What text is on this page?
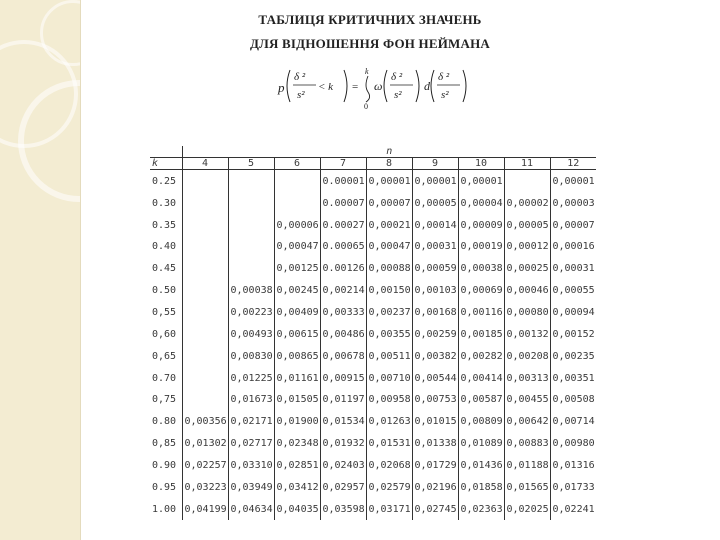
ТАБЛИЦЯ КРИТИЧНИХ ЗНАЧЕНЬ
ДЛЯ ВІДНОШЕННЯ ФОН НЕЙМАНА
p
δ ²
s²
< k =
k
0
ω
δ ²
s²
d
δ ²
s²
	n								
k	4	5	6	7	8	9	10	11	12
0.25				0.00001	0,00001	0,00001	0,00001		0,00001
0.30				0.00007	0,00007	0,00005	0,00004	0,00002	0,00003
0.35			0,00006	0.00027	0,00021	0,00014	0,00009	0,00005	0,00007
0.40			0,00047	0.00065	0,00047	0,00031	0,00019	0,00012	0,00016
0.45			0,00125	0.00126	0,00088	0,00059	0,00038	0,00025	0,00031
0.50		0,00038	0,00245	0,00214	0,00150	0,00103	0,00069	0,00046	0,00055
0,55		0,00223	0,00409	0,00333	0,00237	0,00168	0,00116	0,00080	0,00094
0,60		0,00493	0,00615	0,00486	0,00355	0,00259	0,00185	0,00132	0,00152
0,65		0,00830	0,00865	0,00678	0,00511	0,00382	0,00282	0,00208	0,00235
0.70		0,01225	0,01161	0,00915	0,00710	0,00544	0,00414	0,00313	0,00351
0,75		0,01673	0,01505	0,01197	0,00958	0,00753	0,00587	0,00455	0,00508
0.80	0,00356	0,02171	0,01900	0,01534	0,01263	0,01015	0,00809	0,00642	0,00714
0,85	0,01302	0,02717	0,02348	0,01932	0,01531	0,01338	0,01089	0,00883	0,00980
0.90	0,02257	0,03310	0,02851	0,02403	0,02068	0,01729	0,01436	0,01188	0,01316
0.95	0,03223	0,03949	0,03412	0,02957	0,02579	0,02196	0,01858	0,01565	0,01733
1.00	0,04199	0,04634	0,04035	0,03598	0,03171	0,02745	0,02363	0,02025	0,02241
